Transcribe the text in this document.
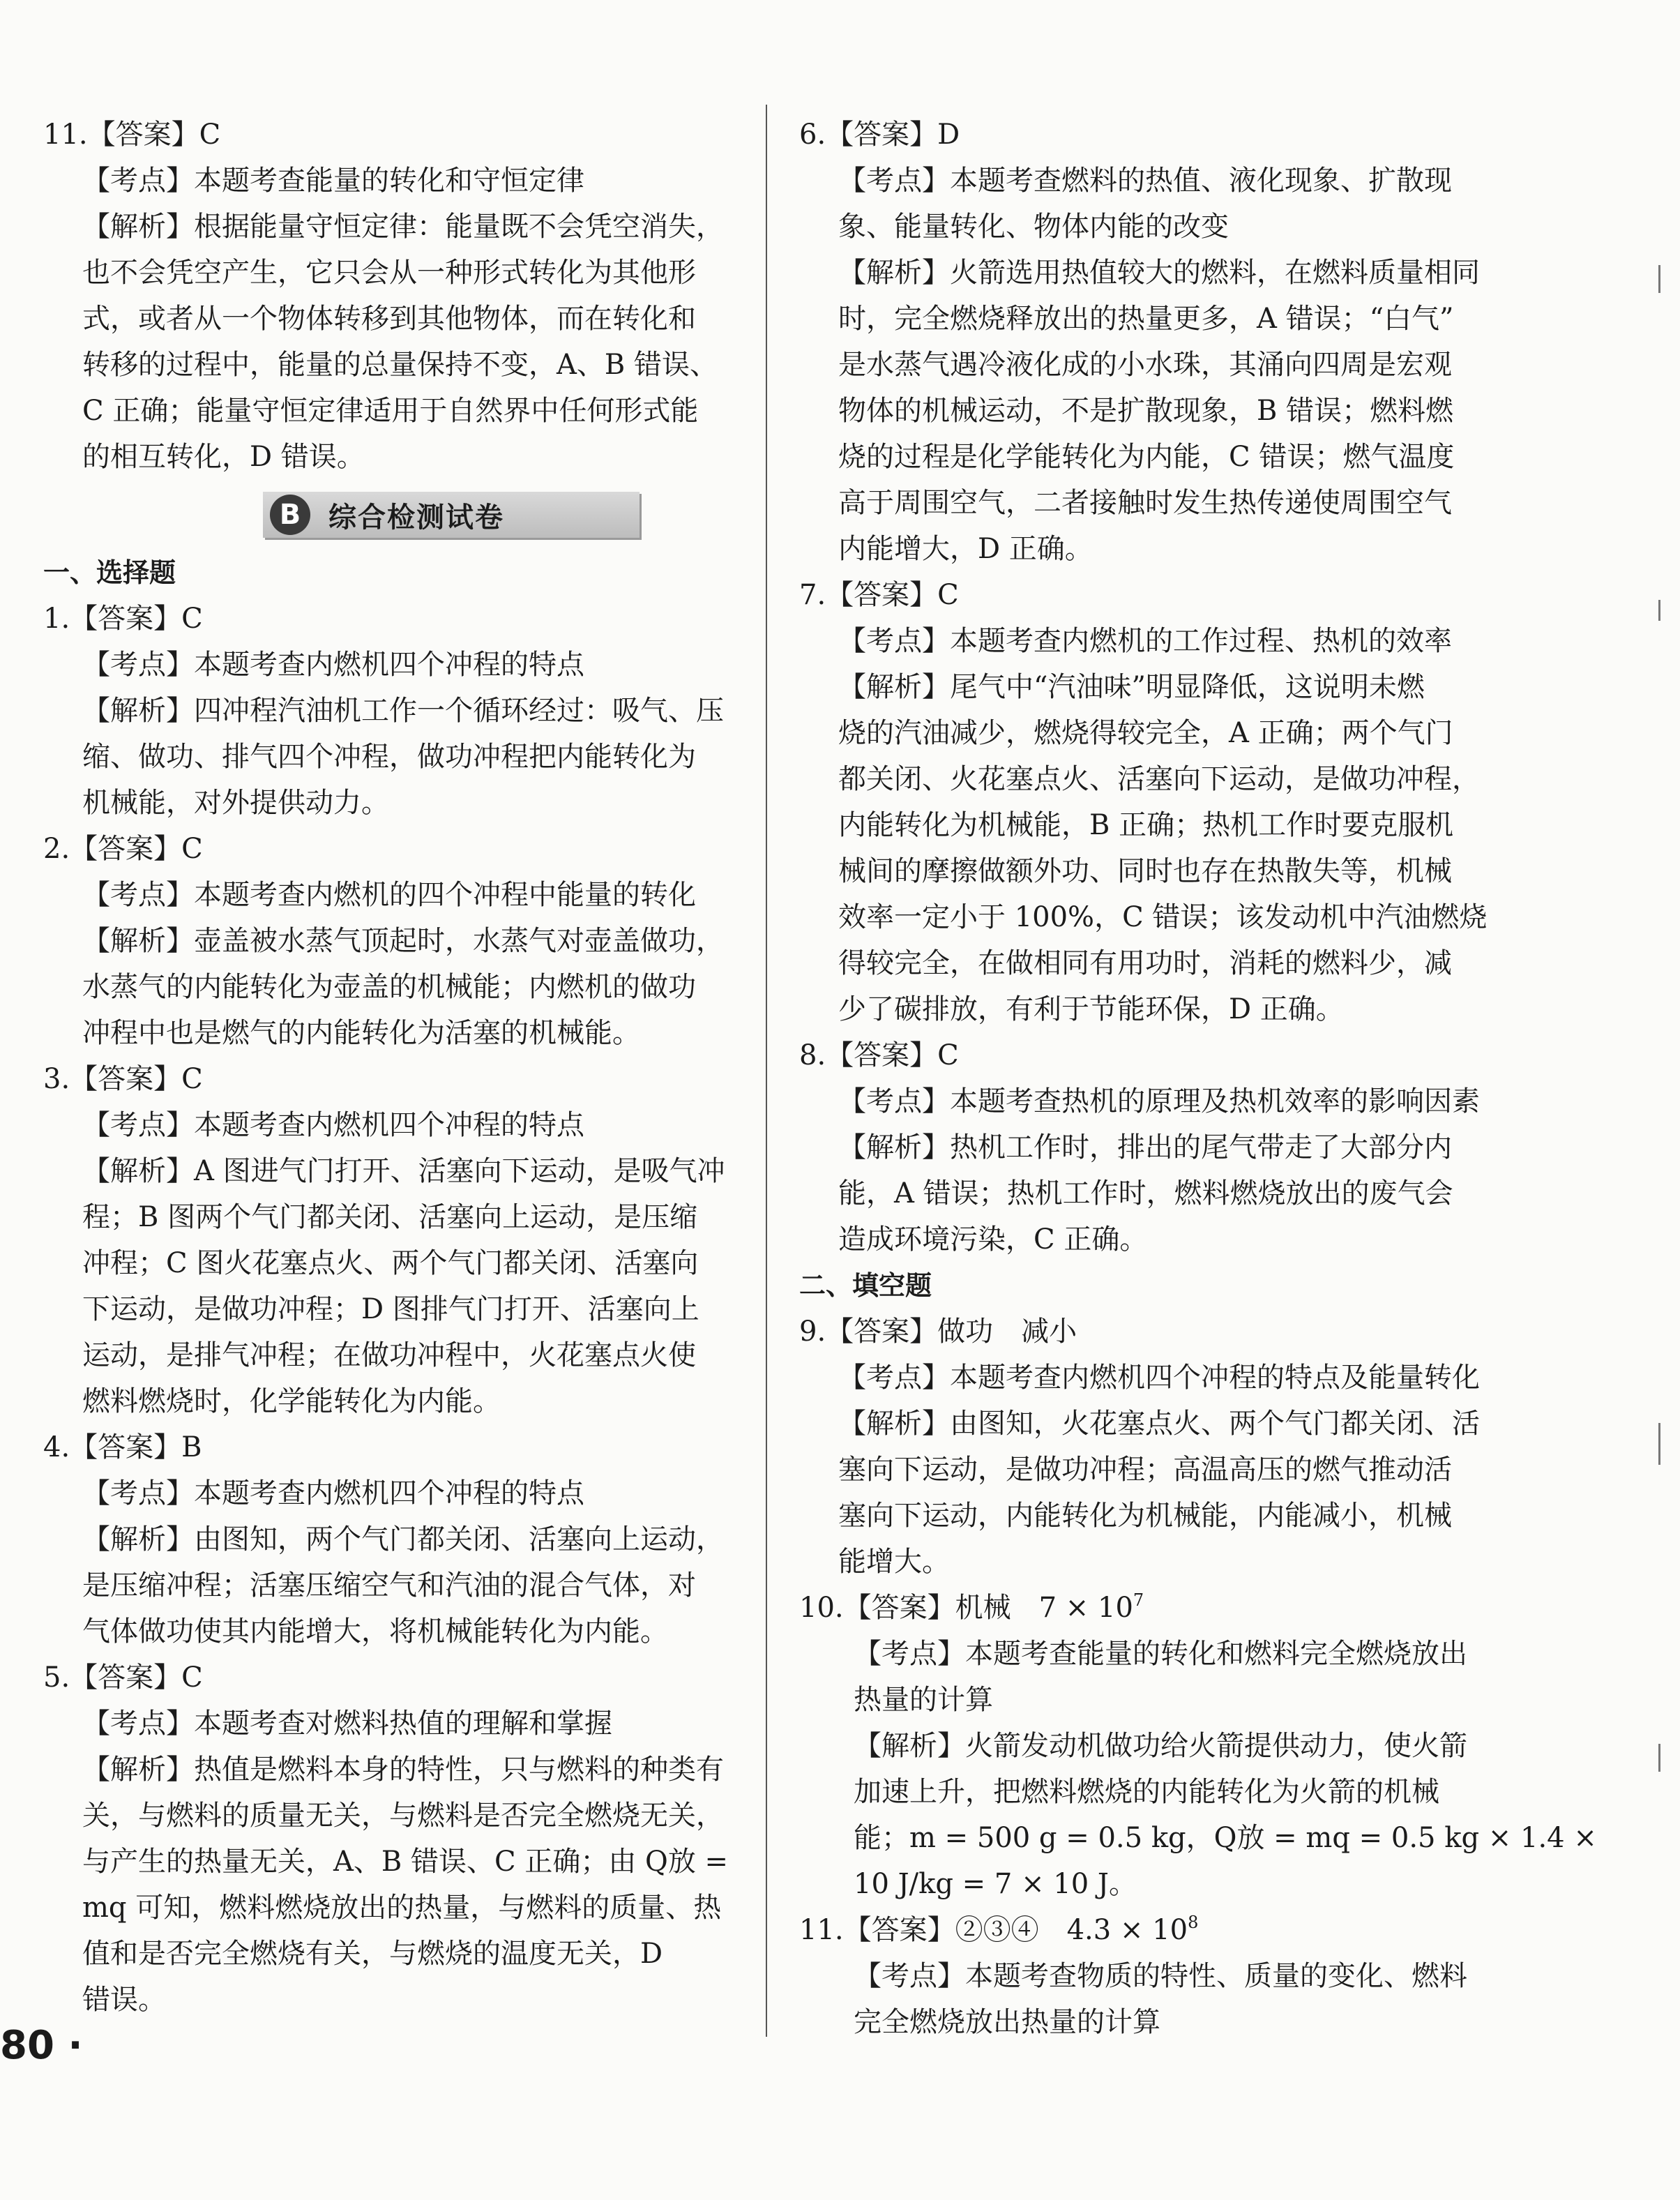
11.【答案】C
【考点】本题考查能量的转化和守恒定律
【解析】根据能量守恒定律：能量既不会凭空消失，
也不会凭空产生，它只会从一种形式转化为其他形
式，或者从一个物体转移到其他物体，而在转化和
转移的过程中，能量的总量保持不变，A、B 错误、
C 正确；能量守恒定律适用于自然界中任何形式能
的相互转化，D 错误。
B 综合检测试卷
一、选择题
1.【答案】C
【考点】本题考查内燃机四个冲程的特点
【解析】四冲程汽油机工作一个循环经过：吸气、压
缩、做功、排气四个冲程，做功冲程把内能转化为
机械能，对外提供动力。
2.【答案】C
【考点】本题考查内燃机的四个冲程中能量的转化
【解析】壶盖被水蒸气顶起时，水蒸气对壶盖做功，
水蒸气的内能转化为壶盖的机械能；内燃机的做功
冲程中也是燃气的内能转化为活塞的机械能。
3.【答案】C
【考点】本题考查内燃机四个冲程的特点
【解析】A 图进气门打开、活塞向下运动，是吸气冲
程；B 图两个气门都关闭、活塞向上运动，是压缩
冲程；C 图火花塞点火、两个气门都关闭、活塞向
下运动，是做功冲程；D 图排气门打开、活塞向上
运动，是排气冲程；在做功冲程中，火花塞点火使
燃料燃烧时，化学能转化为内能。
4.【答案】B
【考点】本题考查内燃机四个冲程的特点
【解析】由图知，两个气门都关闭、活塞向上运动，
是压缩冲程；活塞压缩空气和汽油的混合气体，对
气体做功使其内能增大，将机械能转化为内能。
5.【答案】C
【考点】本题考查对燃料热值的理解和掌握
【解析】热值是燃料本身的特性，只与燃料的种类有
关，与燃料的质量无关，与燃料是否完全燃烧无关，
与产生的热量无关，A、B 错误、C 正确；由 Q放 =
mq 可知，燃料燃烧放出的热量，与燃料的质量、热
值和是否完全燃烧有关，与燃烧的温度无关，D
错误。
6.【答案】D
【考点】本题考查燃料的热值、液化现象、扩散现
象、能量转化、物体内能的改变
【解析】火箭选用热值较大的燃料，在燃料质量相同
时，完全燃烧释放出的热量更多，A 错误；“白气”
是水蒸气遇冷液化成的小水珠，其涌向四周是宏观
物体的机械运动，不是扩散现象，B 错误；燃料燃
烧的过程是化学能转化为内能，C 错误；燃气温度
高于周围空气，二者接触时发生热传递使周围空气
内能增大，D 正确。
7.【答案】C
【考点】本题考查内燃机的工作过程、热机的效率
【解析】尾气中“汽油味”明显降低，这说明未燃
烧的汽油减少，燃烧得较完全，A 正确；两个气门
都关闭、火花塞点火、活塞向下运动，是做功冲程，
内能转化为机械能，B 正确；热机工作时要克服机
械间的摩擦做额外功、同时也存在热散失等，机械
效率一定小于 100%，C 错误；该发动机中汽油燃烧
得较完全，在做相同有用功时，消耗的燃料少，减
少了碳排放，有利于节能环保，D 正确。
8.【答案】C
【考点】本题考查热机的原理及热机效率的影响因素
【解析】热机工作时，排出的尾气带走了大部分内
能，A 错误；热机工作时，燃料燃烧放出的废气会
造成环境污染，C 正确。
二、填空题
9.【答案】做功　减小
【考点】本题考查内燃机四个冲程的特点及能量转化
【解析】由图知，火花塞点火、两个气门都关闭、活
塞向下运动，是做功冲程；高温高压的燃气推动活
塞向下运动，内能转化为机械能，内能减小，机械
能增大。
10.【答案】机械　$7 \times 10^7$
【考点】本题考查能量的转化和燃料完全燃烧放出
热量的计算
【解析】火箭发动机做功给火箭提供动力，使火箭
加速上升，把燃料燃烧的内能转化为火箭的机械
能；m = 500 g = 0.5 kg，Q放 = mq = 0.5 kg × 1.4 ×
10 J/kg = 7 × 10 J。
11.【答案】②③④　$4.3 \times 10^8$
【考点】本题考查物质的特性、质量的变化、燃料
完全燃烧放出热量的计算
80 ·
